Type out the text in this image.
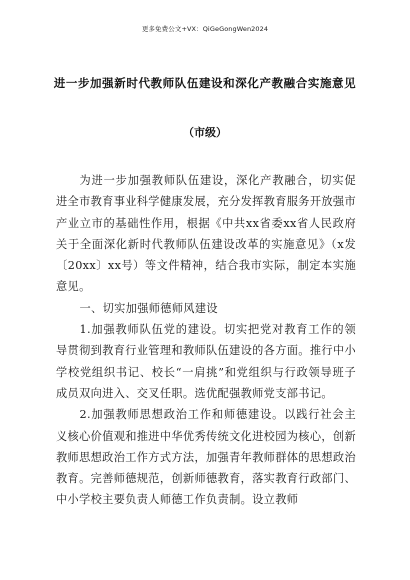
更多免费公文+VX：QiGeGongWen2024
进一步加强新时代教师队伍建设和深化产教融合实施意见
（市级）

为进一步加强教师队伍建设，深化产教融合，切实促进全市教育事业科学健康发展，充分发挥教育服务开放强市产业立市的基础性作用，根据《中共xx省委xx省人民政府关于全面深化新时代教师队伍建设改革的实施意见》（x发〔20xx〕xx号）等文件精神，结合我市实际，制定本实施意见。

一、切实加强师德师风建设

1.加强教师队伍党的建设。切实把党对教育工作的领导贯彻到教育行业管理和教师队伍建设的各方面。推行中小学校党组织书记、校长“一肩挑”和党组织与行政领导班子成员双向进入、交叉任职。选优配强教师党支部书记。

2.加强教师思想政治工作和师德建设。以践行社会主义核心价值观和推进中华优秀传统文化进校园为核心，创新教师思想政治工作方式方法，加强青年教师群体的思想政治教育。完善师德规范，创新师德教育，落实教育行政部门、中小学校主要负责人师德工作负责制。设立教师
